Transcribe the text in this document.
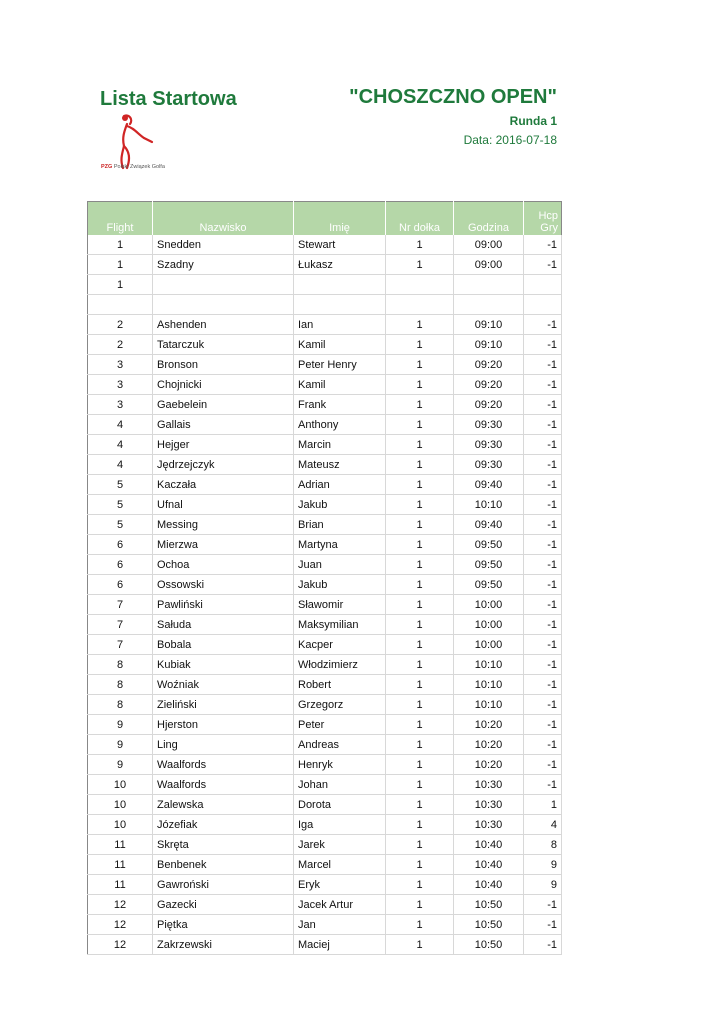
Lista Startowa	"CHOSZCZNO OPEN"
Runda 1
Data: 2016-07-18
PZG Polski Związek Golfa
Flight	Nazwisko	Imię	Nr dołka	Godzina	Hcp Gry
1	Snedden	Stewart	1	09:00	-1
1	Szadny	Łukasz	1	09:00	-1
1					

2	Ashenden	Ian	1	09:10	-1
2	Tatarczuk	Kamil	1	09:10	-1
3	Bronson	Peter Henry	1	09:20	-1
3	Chojnicki	Kamil	1	09:20	-1
3	Gaebelein	Frank	1	09:20	-1
4	Gallais	Anthony	1	09:30	-1
4	Hejger	Marcin	1	09:30	-1
4	Jędrzejczyk	Mateusz	1	09:30	-1
5	Kaczała	Adrian	1	09:40	-1
5	Ufnal	Jakub	1	10:10	-1
5	Messing	Brian	1	09:40	-1
6	Mierzwa	Martyna	1	09:50	-1
6	Ochoa	Juan	1	09:50	-1
6	Ossowski	Jakub	1	09:50	-1
7	Pawliński	Sławomir	1	10:00	-1
7	Sałuda	Maksymilian	1	10:00	-1
7	Bobala	Kacper	1	10:00	-1
8	Kubiak	Włodzimierz	1	10:10	-1
8	Woźniak	Robert	1	10:10	-1
8	Zieliński	Grzegorz	1	10:10	-1
9	Hjerston	Peter	1	10:20	-1
9	Ling	Andreas	1	10:20	-1
9	Waalfords	Henryk	1	10:20	-1
10	Waalfords	Johan	1	10:30	-1
10	Zalewska	Dorota	1	10:30	1
10	Józefiak	Iga	1	10:30	4
11	Skręta	Jarek	1	10:40	8
11	Benbenek	Marcel	1	10:40	9
11	Gawroński	Eryk	1	10:40	9
12	Gazecki	Jacek Artur	1	10:50	-1
12	Piętka	Jan	1	10:50	-1
12	Zakrzewski	Maciej	1	10:50	-1
